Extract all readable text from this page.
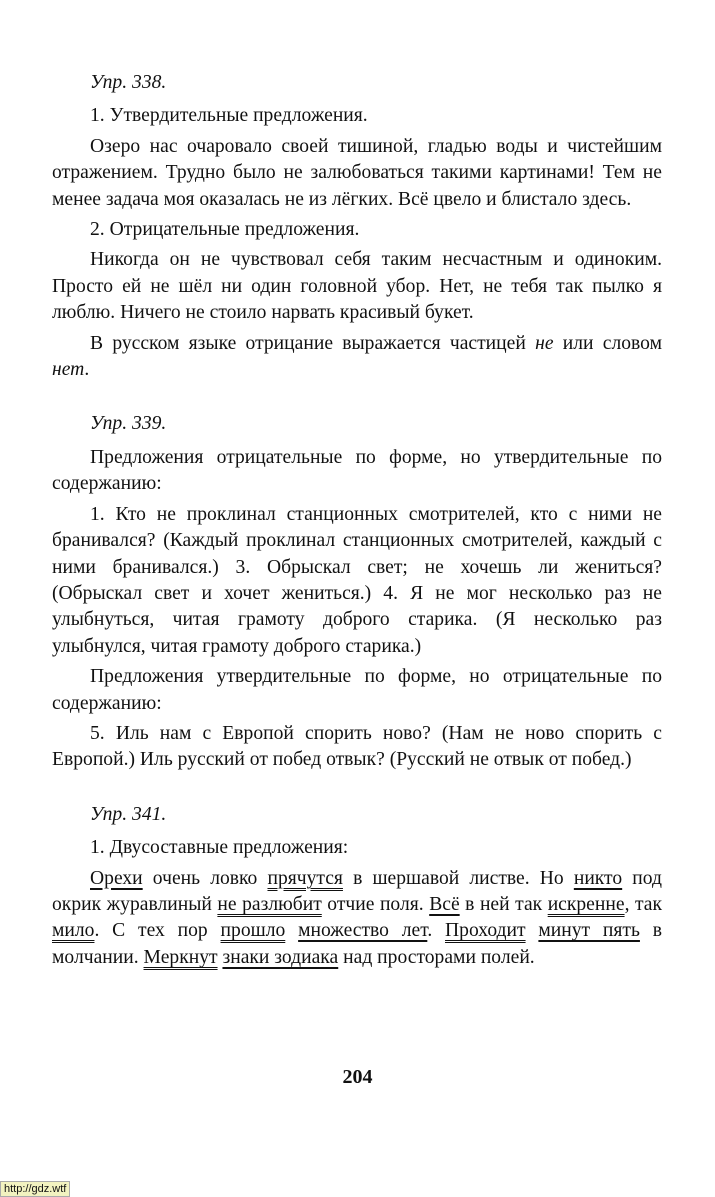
Упр. 338.

1. Утвердительные предложения.

Озеро нас очаровало своей тишиной, гладью воды и чистейшим отражением. Трудно было не залюбоваться такими картинами! Тем не менее задача моя оказалась не из лёгких. Всё цвело и блистало здесь.

2. Отрицательные предложения.

Никогда он не чувствовал себя таким несчастным и одиноким. Просто ей не шёл ни один головной убор. Нет, не тебя так пылко я люблю. Ничего не стоило нарвать красивый букет.

В русском языке отрицание выражается частицей не или словом нет.

Упр. 339.

Предложения отрицательные по форме, но утвердительные по содержанию:

1. Кто не проклинал станционных смотрителей, кто с ними не бранивался? (Каждый проклинал станционных смотрителей, каждый с ними бранивался.) 3. Обрыскал свет; не хочешь ли жениться? (Обрыскал свет и хочет жениться.) 4. Я не мог несколько раз не улыбнуться, читая грамоту доброго старика. (Я несколько раз улыбнулся, читая грамоту доброго старика.)

Предложения утвердительные по форме, но отрицательные по содержанию:

5. Иль нам с Европой спорить ново? (Нам не ново спорить с Европой.) Иль русский от побед отвык? (Русский не отвык от побед.)

Упр. 341.

1. Двусоставные предложения:

Орехи очень ловко прячутся в шершавой листве. Но никто под окрик журавлиный не разлюбит отчие поля. Всё в ней так искренне, так мило. С тех пор прошло множество лет. Проходит минут пять в молчании. Меркнут знаки зодиака над просторами полей.

204
http://gdz.wtf
